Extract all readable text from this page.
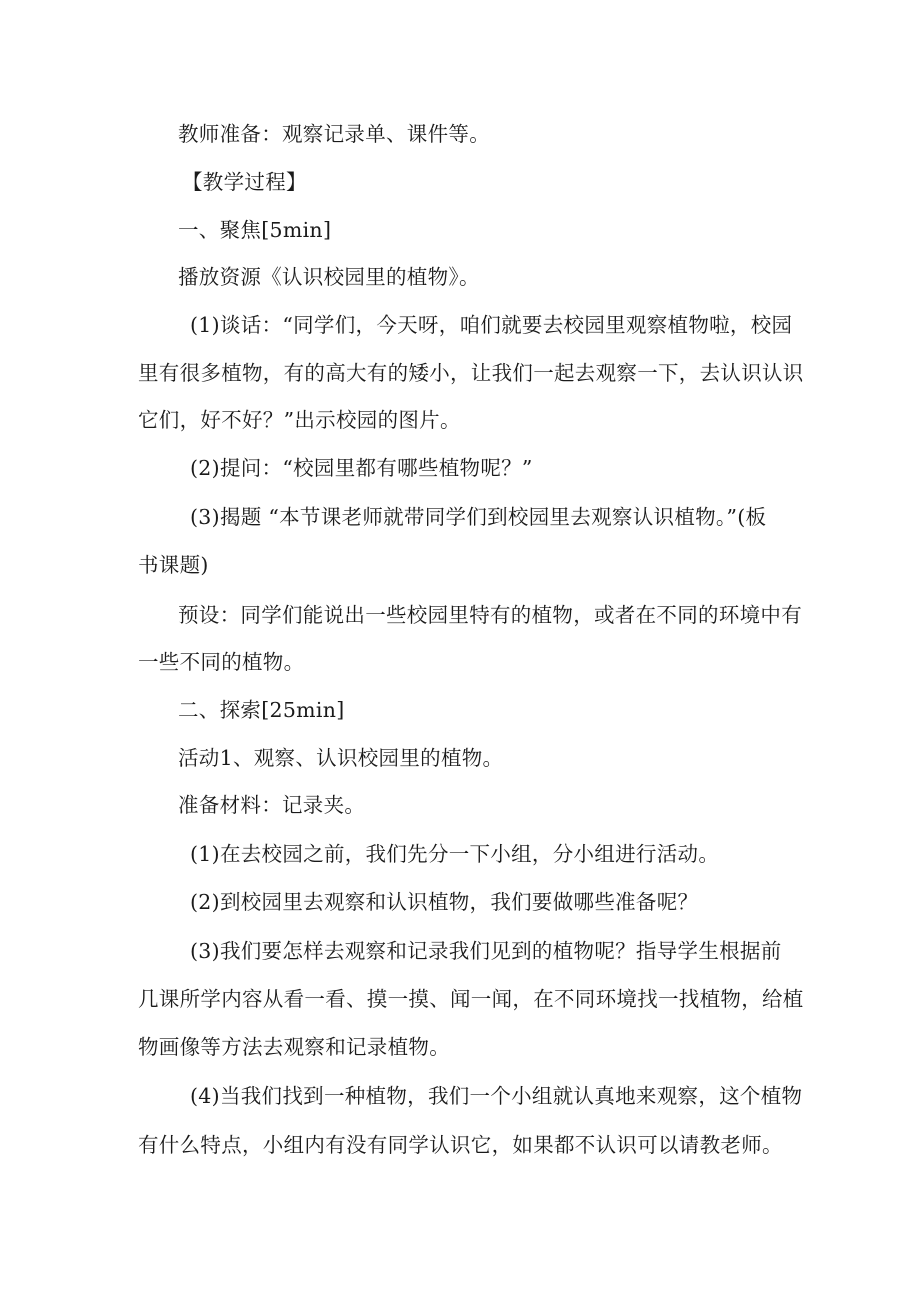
教师准备：观察记录单、课件等。

【教学过程】

一、聚焦[5min]

播放资源《认识校园里的植物》。

(1)谈话：“同学们，今天呀，咱们就要去校园里观察植物啦，校园

里有很多植物，有的高大有的矮小，让我们一起去观察一下，去认识认识

它们，好不好？”出示校园的图片。

(2)提问：“校园里都有哪些植物呢？”

(3)揭题 “本节课老师就带同学们到校园里去观察认识植物。”(板

书课题)

预设：同学们能说出一些校园里特有的植物，或者在不同的环境中有

一些不同的植物。

二、探索[25min]

活动1、观察、认识校园里的植物。

准备材料：记录夹。

(1)在去校园之前，我们先分一下小组，分小组进行活动。

(2)到校园里去观察和认识植物，我们要做哪些准备呢？

(3)我们要怎样去观察和记录我们见到的植物呢？指导学生根据前

几课所学内容从看一看、摸一摸、闻一闻，在不同环境找一找植物，给植

物画像等方法去观察和记录植物。

(4)当我们找到一种植物，我们一个小组就认真地来观察，这个植物

有什么特点，小组内有没有同学认识它，如果都不认识可以请教老师。
